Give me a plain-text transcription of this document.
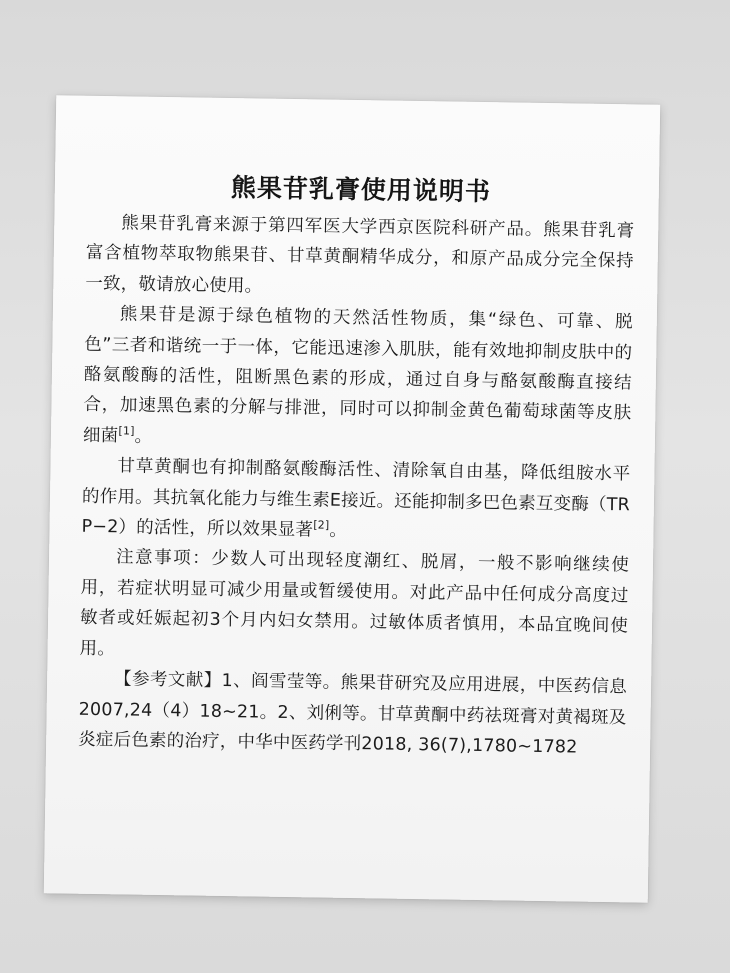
熊果苷乳膏使用说明书

熊果苷乳膏来源于第四军医大学西京医院科研产品。熊果苷乳膏富含植物萃取物熊果苷、甘草黄酮精华成分，和原产品成分完全保持一致，敬请放心使用。

熊果苷是源于绿色植物的天然活性物质，集“绿色、可靠、脱色”三者和谐统一于一体，它能迅速渗入肌肤，能有效地抑制皮肤中的酪氨酸酶的活性，阻断黑色素的形成，通过自身与酪氨酸酶直接结合，加速黑色素的分解与排泄，同时可以抑制金黄色葡萄球菌等皮肤细菌[1]。

甘草黄酮也有抑制酪氨酸酶活性、清除氧自由基，降低组胺水平的作用。其抗氧化能力与维生素E接近。还能抑制多巴色素互变酶（TRP−2）的活性，所以效果显著[2]。

注意事项：少数人可出现轻度潮红、脱屑，一般不影响继续使用，若症状明显可减少用量或暂缓使用。对此产品中任何成分高度过敏者或妊娠起初3个月内妇女禁用。过敏体质者慎用，本品宜晚间使用。

【参考文献】1、阎雪莹等。熊果苷研究及应用进展，中医药信息 2007,24（4）18~21。2、刘俐等。甘草黄酮中药祛斑膏对黄褐斑及炎症后色素的治疗，中华中医药学刊2018, 36(7),1780~1782
